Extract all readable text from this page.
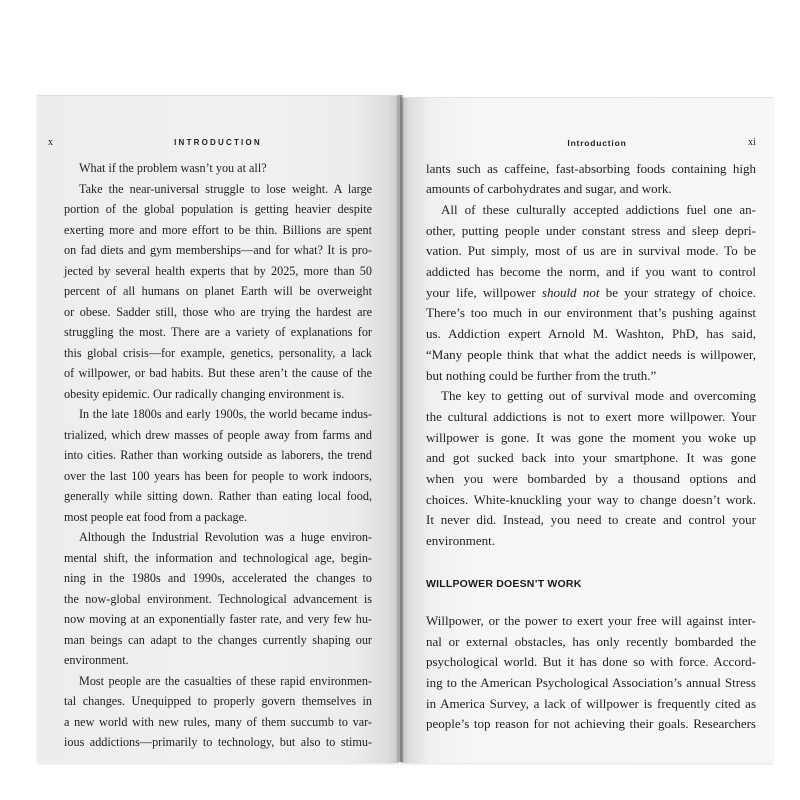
x	INTRODUCTION
What if the problem wasn’t you at all?
Take the near-universal struggle to lose weight. A large
portion of the global population is getting heavier despite
exerting more and more effort to be thin. Billions are spent
on fad diets and gym memberships—and for what? It is pro-
jected by several health experts that by 2025, more than 50
percent of all humans on planet Earth will be overweight
or obese. Sadder still, those who are trying the hardest are
struggling the most. There are a variety of explanations for
this global crisis—for example, genetics, personality, a lack
of willpower, or bad habits. But these aren’t the cause of the
obesity epidemic. Our radically changing environment is.
In the late 1800s and early 1900s, the world became indus-
trialized, which drew masses of people away from farms and
into cities. Rather than working outside as laborers, the trend
over the last 100 years has been for people to work indoors,
generally while sitting down. Rather than eating local food,
most people eat food from a package.
Although the Industrial Revolution was a huge environ-
mental shift, the information and technological age, begin-
ning in the 1980s and 1990s, accelerated the changes to
the now-global environment. Technological advancement is
now moving at an exponentially faster rate, and very few hu-
man beings can adapt to the changes currently shaping our
environment.
Most people are the casualties of these rapid environmen-
tal changes. Unequipped to properly govern themselves in
a new world with new rules, many of them succumb to var-
ious addictions—primarily to technology, but also to stimu-
Introduction	xi
lants such as caffeine, fast-absorbing foods containing high
amounts of carbohydrates and sugar, and work.
All of these culturally accepted addictions fuel one an-
other, putting people under constant stress and sleep depri-
vation. Put simply, most of us are in survival mode. To be
addicted has become the norm, and if you want to control
your life, willpower should not be your strategy of choice.
There’s too much in our environment that’s pushing against
us. Addiction expert Arnold M. Washton, PhD, has said,
“Many people think that what the addict needs is willpower,
but nothing could be further from the truth.”
The key to getting out of survival mode and overcoming
the cultural addictions is not to exert more willpower. Your
willpower is gone. It was gone the moment you woke up
and got sucked back into your smartphone. It was gone
when you were bombarded by a thousand options and
choices. White-knuckling your way to change doesn’t work.
It never did. Instead, you need to create and control your
environment.
WILLPOWER DOESN’T WORK
Willpower, or the power to exert your free will against inter-
nal or external obstacles, has only recently bombarded the
psychological world. But it has done so with force. Accord-
ing to the American Psychological Association’s annual Stress
in America Survey, a lack of willpower is frequently cited as
people’s top reason for not achieving their goals. Researchers
